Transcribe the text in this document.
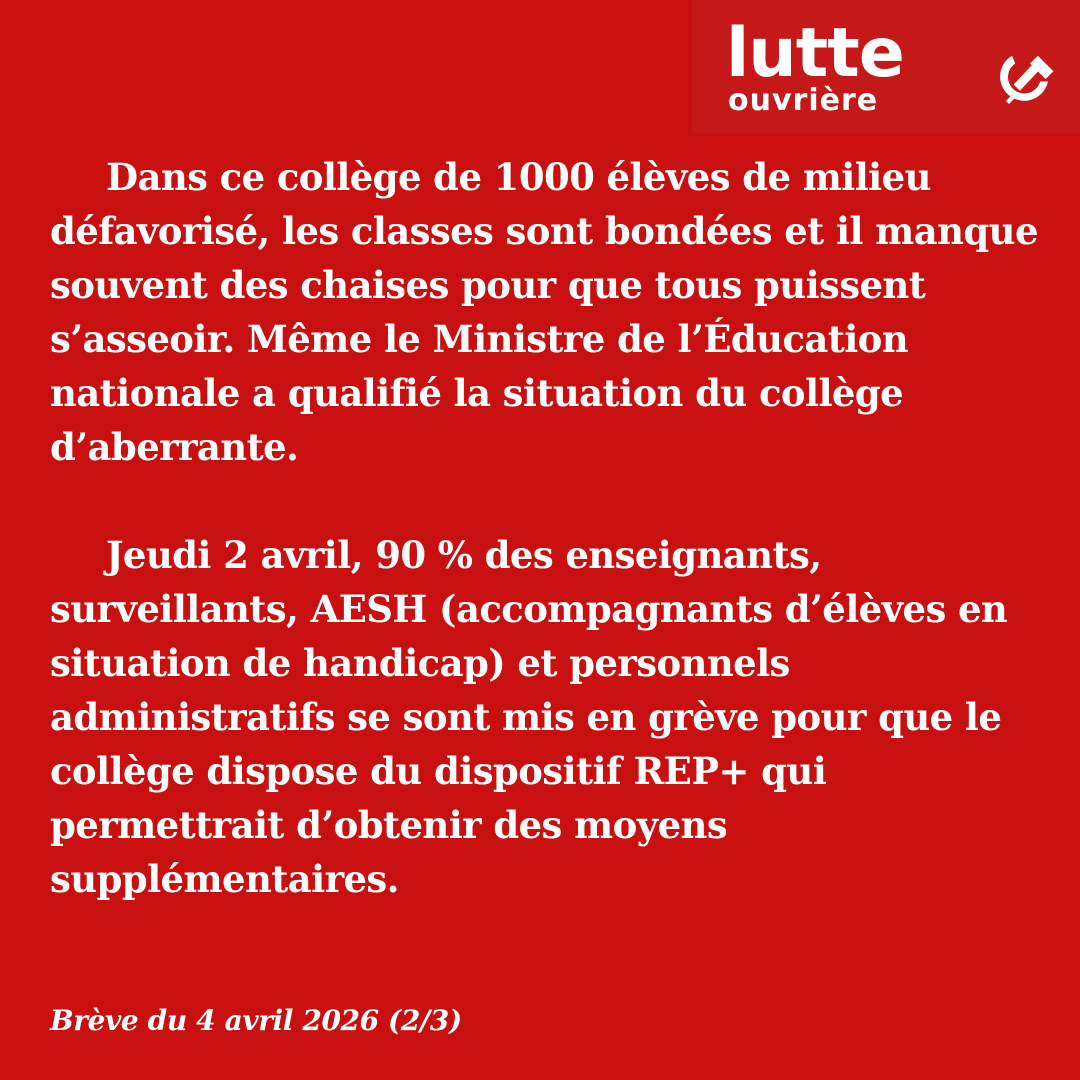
lutte
ouvrière

Dans ce collège de 1000 élèves de milieu défavorisé, les classes sont bondées et il manque souvent des chaises pour que tous puissent s’asseoir. Même le Ministre de l’Éducation nationale a qualifié la situation du collège d’aberrante.

Jeudi 2 avril, 90 % des enseignants, surveillants, AESH (accompagnants d’élèves en situation de handicap) et personnels administratifs se sont mis en grève pour que le collège dispose du dispositif REP+ qui permettrait d’obtenir des moyens supplémentaires.

Brève du 4 avril 2026 (2/3)
